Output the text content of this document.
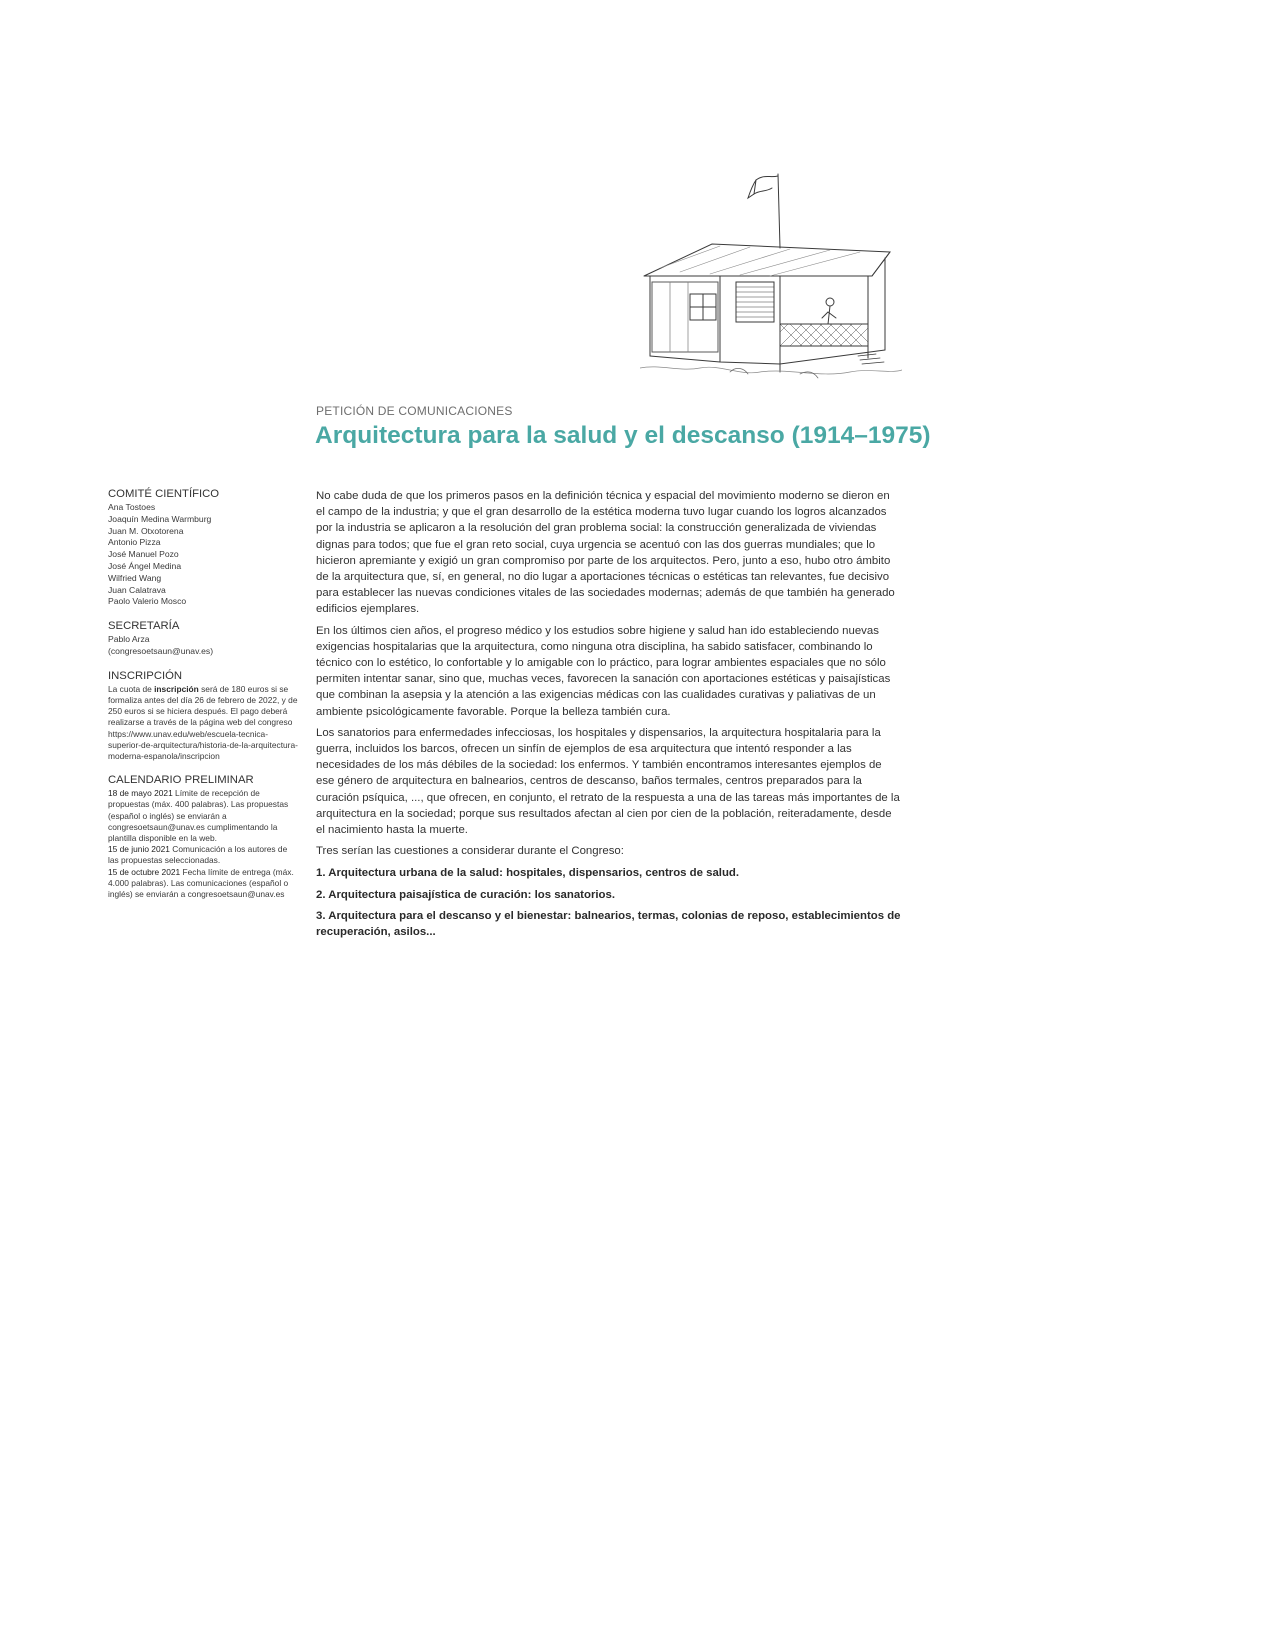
PETICIÓN DE COMUNICACIONES
Arquitectura para la salud y el descanso (1914–1975)
COMITÉ CIENTÍFICO
Ana Tostoes
Joaquín Medina Warmburg
Juan M. Otxotorena
Antonio Pizza
José Manuel Pozo
José Ángel Medina
Wilfried Wang
Juan Calatrava
Paolo Valerio Mosco
SECRETARÍA
Pablo Arza
(congresoetsaun@unav.es)
INSCRIPCIÓN

La cuota de inscripción será de 180 euros si se formaliza antes del día 26 de febrero de 2022, y de 250 euros si se hiciera después. El pago deberá realizarse a través de la página web del congreso https://www.unav.edu/web/escuela-tecnica-superior-de-arquitectura/historia-de-la-arquitectura-moderna-espanola/inscripcion

CALENDARIO PRELIMINAR

18 de mayo 2021 Límite de recepción de propuestas (máx. 400 palabras). Las propuestas (español o inglés) se enviarán a congresoetsaun@unav.es cumplimentando la plantilla disponible en la web.

15 de junio 2021 Comunicación a los autores de las propuestas seleccionadas.

15 de octubre 2021 Fecha límite de entrega (máx. 4.000 palabras). Las comunicaciones (español o inglés) se enviarán a congresoetsaun@unav.es

No cabe duda de que los primeros pasos en la definición técnica y espacial del movimiento moderno se dieron en el campo de la industria; y que el gran desarrollo de la estética moderna tuvo lugar cuando los logros alcanzados por la industria se aplicaron a la resolución del gran problema social: la construcción generalizada de viviendas dignas para todos; que fue el gran reto social, cuya urgencia se acentuó con las dos guerras mundiales; que lo hicieron apremiante y exigió un gran compromiso por parte de los arquitectos. Pero, junto a eso, hubo otro ámbito de la arquitectura que, sí, en general, no dio lugar a aportaciones técnicas o estéticas tan relevantes, fue decisivo para establecer las nuevas condiciones vitales de las sociedades modernas; además de que también ha generado edificios ejemplares.

En los últimos cien años, el progreso médico y los estudios sobre higiene y salud han ido estableciendo nuevas exigencias hospitalarias que la arquitectura, como ninguna otra disciplina, ha sabido satisfacer, combinando lo técnico con lo estético, lo confortable y lo amigable con lo práctico, para lograr ambientes espaciales que no sólo permiten intentar sanar, sino que, muchas veces, favorecen la sanación con aportaciones estéticas y paisajísticas que combinan la asepsia y la atención a las exigencias médicas con las cualidades curativas y paliativas de un ambiente psicológicamente favorable. Porque la belleza también cura.

Los sanatorios para enfermedades infecciosas, los hospitales y dispensarios, la arquitectura hospitalaria para la guerra, incluidos los barcos, ofrecen un sinfín de ejemplos de esa arquitectura que intentó responder a las necesidades de los más débiles de la sociedad: los enfermos. Y también encontramos interesantes ejemplos de ese género de arquitectura en balnearios, centros de descanso, baños termales, centros preparados para la curación psíquica, ..., que ofrecen, en conjunto, el retrato de la respuesta a una de las tareas más importantes de la arquitectura en la sociedad; porque sus resultados afectan al cien por cien de la población, reiteradamente, desde el nacimiento hasta la muerte.

Tres serían las cuestiones a considerar durante el Congreso:

1. Arquitectura urbana de la salud: hospitales, dispensarios, centros de salud.
2. Arquitectura paisajística de curación: los sanatorios.
3. Arquitectura para el descanso y el bienestar: balnearios, termas, colonias de reposo, establecimientos de recuperación, asilos...
